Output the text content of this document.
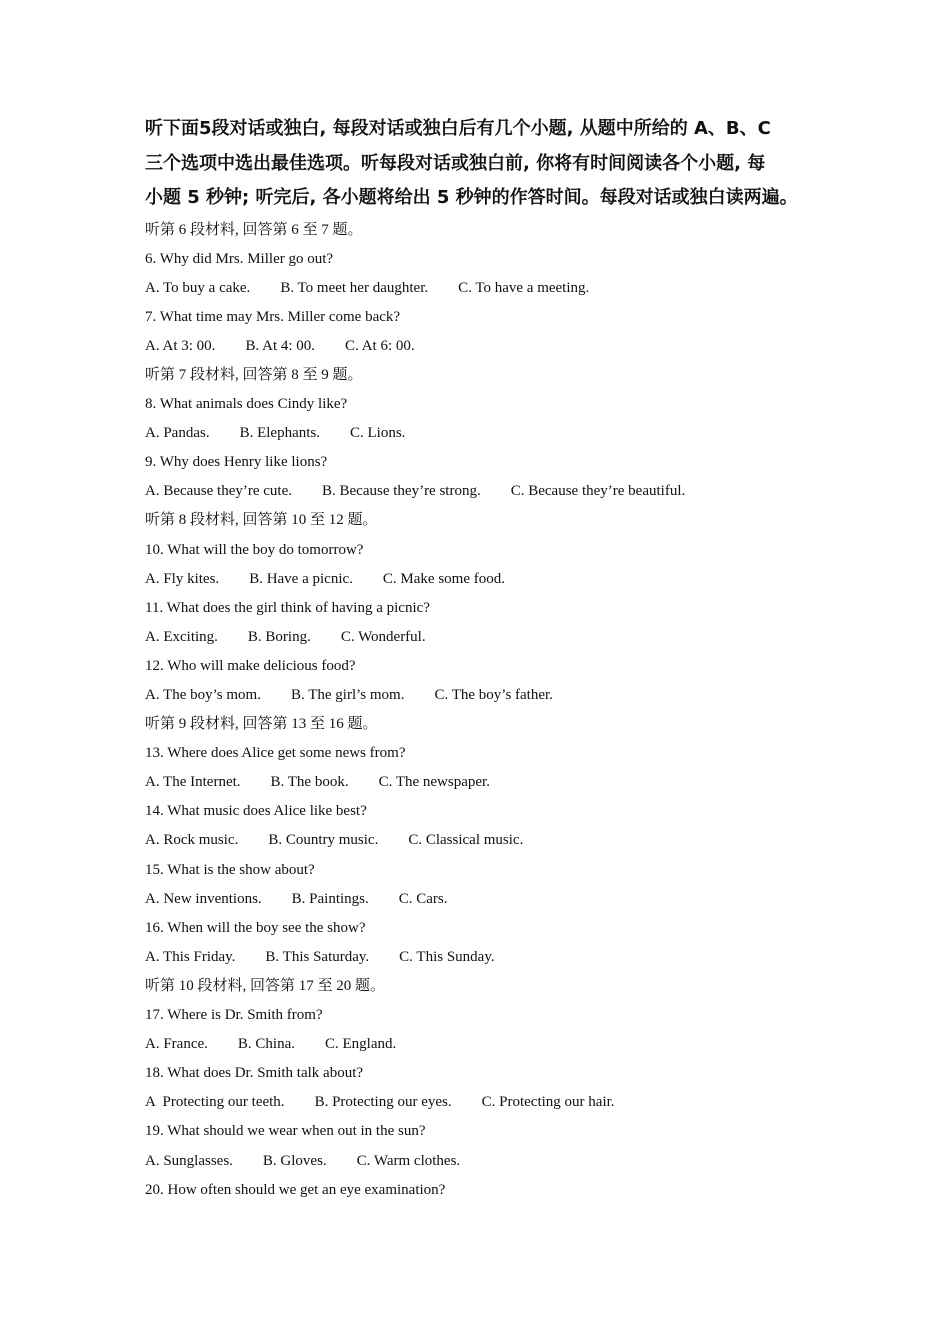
听下面5段对话或独白, 每段对话或独白后有几个小题, 从题中所给的 A、B、C
三个选项中选出最佳选项。听每段对话或独白前, 你将有时间阅读各个小题, 每
小题 5 秒钟; 听完后, 各小题将给出 5 秒钟的作答时间。每段对话或独白读两遍。
听第 6 段材料, 回答第 6 至 7 题。
6. Why did Mrs. Miller go out?
A. To buy a cake. B. To meet her daughter. C. To have a meeting.
7. What time may Mrs. Miller come back?
A. At 3: 00. B. At 4: 00. C. At 6: 00.
听第 7 段材料, 回答第 8 至 9 题。
8. What animals does Cindy like?
A. Pandas. B. Elephants. C. Lions.
9. Why does Henry like lions?
A. Because they’re cute. B. Because they’re strong. C. Because they’re beautiful.
听第 8 段材料, 回答第 10 至 12 题。
10. What will the boy do tomorrow?
A. Fly kites. B. Have a picnic. C. Make some food.
11. What does the girl think of having a picnic?
A. Exciting. B. Boring. C. Wonderful.
12. Who will make delicious food?
A. The boy’s mom. B. The girl’s mom. C. The boy’s father.
听第 9 段材料, 回答第 13 至 16 题。
13. Where does Alice get some news from?
A. The Internet. B. The book. C. The newspaper.
14. What music does Alice like best?
A. Rock music. B. Country music. C. Classical music.
15. What is the show about?
A. New inventions. B. Paintings. C. Cars.
16. When will the boy see the show?
A. This Friday. B. This Saturday. C. This Sunday.
听第 10 段材料, 回答第 17 至 20 题。
17. Where is Dr. Smith from?
A. France. B. China. C. England.
18. What does Dr. Smith talk about?
A  Protecting our teeth. B. Protecting our eyes. C. Protecting our hair.
19. What should we wear when out in the sun?
A. Sunglasses. B. Gloves. C. Warm clothes.
20. How often should we get an eye examination?
